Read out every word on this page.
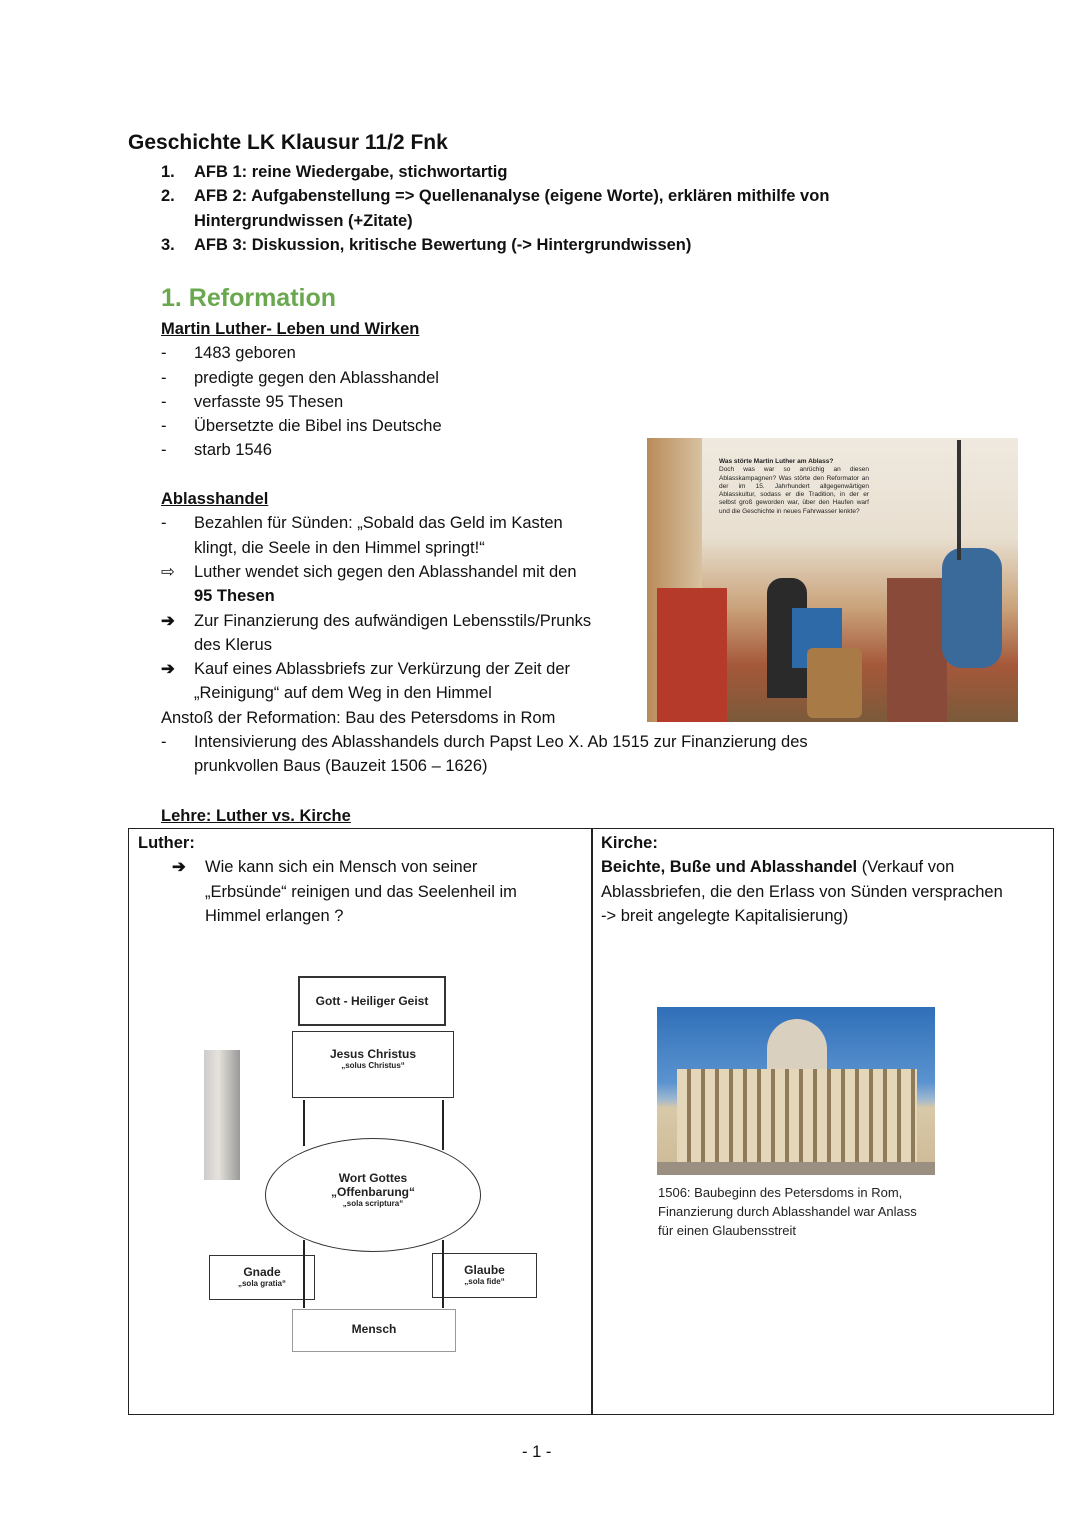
Geschichte LK Klausur 11/2 Fnk
1.	AFB 1: reine Wiedergabe, stichwortartig
2.	AFB 2: Aufgabenstellung => Quellenanalyse (eigene Worte), erklären mithilfe von
Hintergrundwissen (+Zitate)
3.	AFB 3: Diskussion, kritische Bewertung (-> Hintergrundwissen)
1. Reformation
Martin Luther- Leben und Wirken
-	1483 geboren
-	predigte gegen den Ablasshandel
-	verfasste 95 Thesen
-	Übersetzte die Bibel ins Deutsche
-	starb 1546

Ablasshandel
-	Bezahlen für Sünden: „Sobald das Geld im Kasten
klingt, die Seele in den Himmel springt!“
⇨	Luther wendet sich gegen den Ablasshandel mit den
95 Thesen
➔	Zur Finanzierung des aufwändigen Lebensstils/Prunks
des Klerus
➔	Kauf eines Ablassbriefs zur Verkürzung der Zeit der
„Reinigung“ auf dem Weg in den Himmel
Anstoß der Reformation: Bau des Petersdoms in Rom
-	Intensivierung des Ablasshandels durch Papst Leo X. Ab 1515 zur Finanzierung des
prunkvollen Baus (Bauzeit 1506 – 1626)
Was störte Martin Luther am Ablass?
Doch was war so anrüchig an diesen Ablasskampagnen? Was störte den Reformator an der im 15. Jahrhundert allgegenwärtigen Ablasskultur, sodass er die Tradition, in der er selbst groß geworden war, über den Haufen warf und die Geschichte in neues Fahrwasser lenkte?
Lehre: Luther vs. Kirche
Luther:
➔	Wie kann sich ein Mensch von seiner
„Erbsünde“ reinigen und das Seelenheil im
Himmel erlangen ?
Kirche:
Beichte, Buße und Ablasshandel (Verkauf von
Ablassbriefen, die den Erlass von Sünden versprachen
-> breit angelegte Kapitalisierung)
Gott - Heiliger Geist
Jesus Christus
„solus Christus“
Wort Gottes
„Offenbarung“
„sola scriptura“
Gnade
„sola gratia“
Glaube
„sola fide“
Mensch
1506: Baubeginn des Petersdoms in Rom,
Finanzierung durch Ablasshandel war Anlass
für einen Glaubensstreit
- 1 -
